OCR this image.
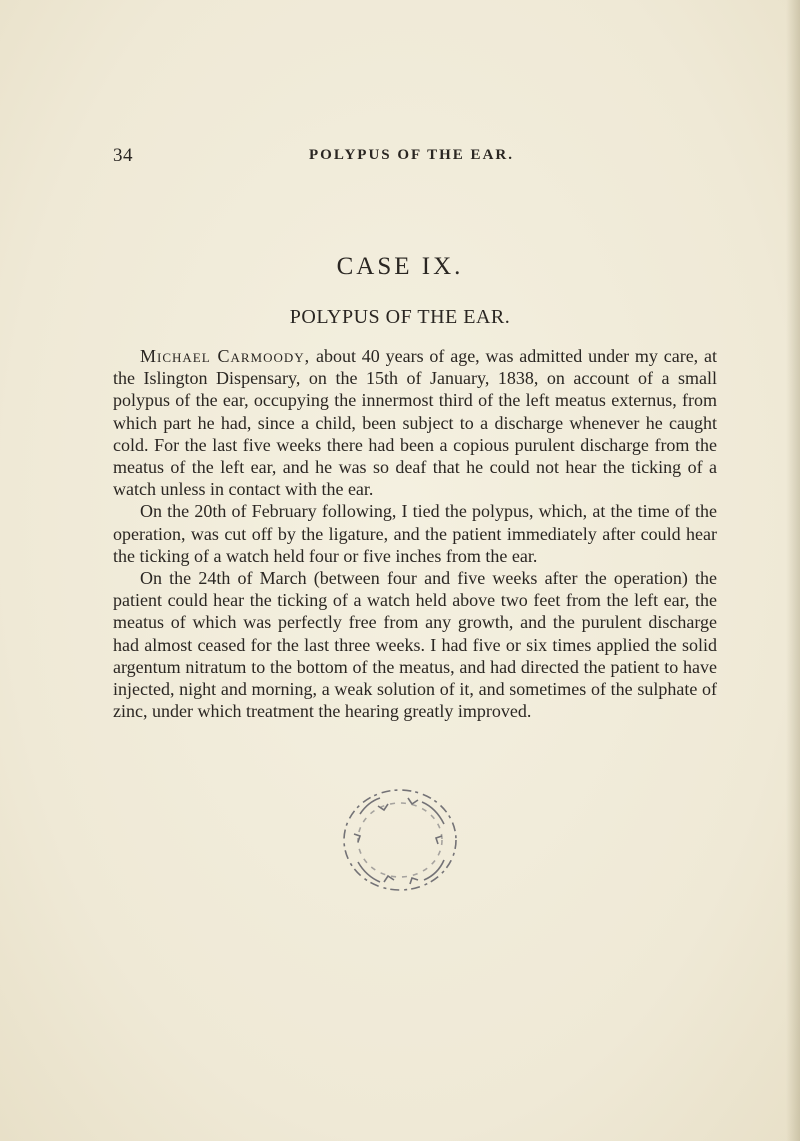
34	POLYPUS OF THE EAR.
CASE IX.
POLYPUS OF THE EAR.

Michael Carmoody, about 40 years of age, was admitted under my care, at the Islington Dispensary, on the 15th of January, 1838, on account of a small polypus of the ear, occupying the innermost third of the left meatus externus, from which part he had, since a child, been subject to a discharge whenever he caught cold. For the last five weeks there had been a copious purulent discharge from the meatus of the left ear, and he was so deaf that he could not hear the ticking of a watch unless in contact with the ear.

On the 20th of February following, I tied the polypus, which, at the time of the operation, was cut off by the ligature, and the patient immediately after could hear the ticking of a watch held four or five inches from the ear.

On the 24th of March (between four and five weeks after the operation) the patient could hear the ticking of a watch held above two feet from the left ear, the meatus of which was perfectly free from any growth, and the purulent discharge had almost ceased for the last three weeks. I had five or six times applied the solid argentum nitratum to the bottom of the meatus, and had directed the patient to have injected, night and morning, a weak solution of it, and sometimes of the sulphate of zinc, under which treatment the hearing greatly improved.
